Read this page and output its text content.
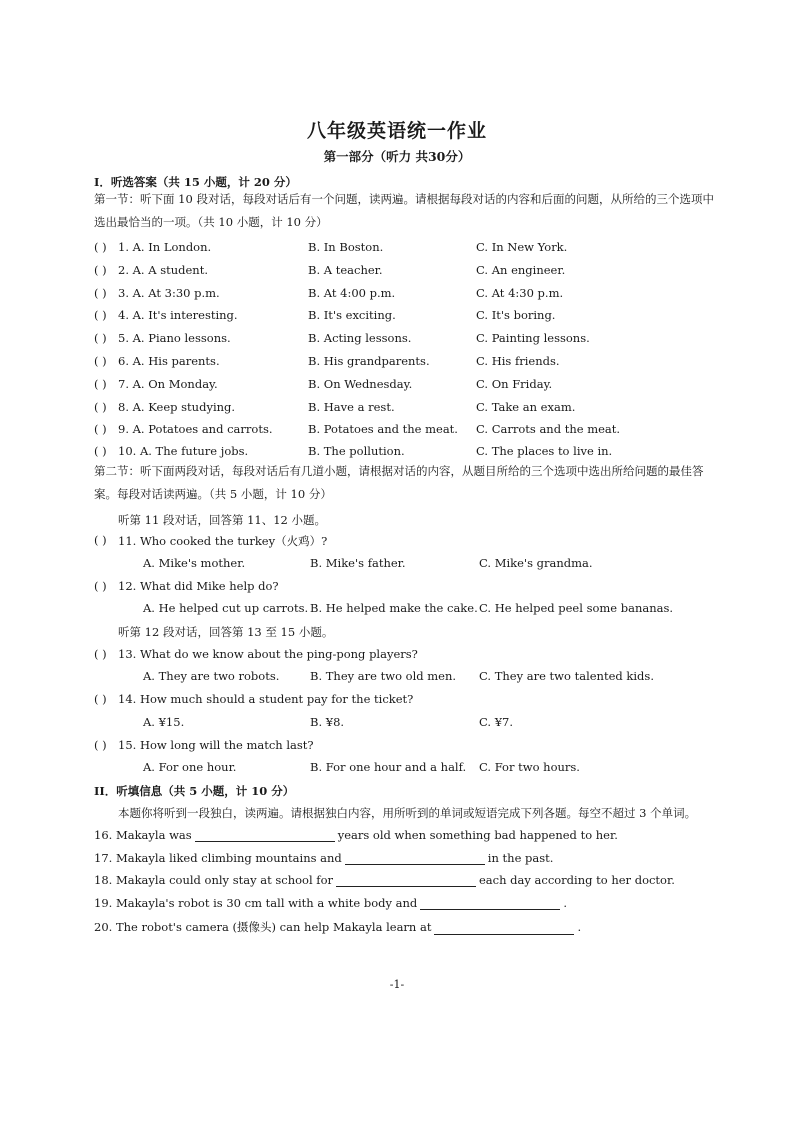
八年级英语统一作业
第一部分（听力 共30分）
I．听选答案（共 15 小题，计 20 分）
第一节：听下面 10 段对话，每段对话后有一个问题，读两遍。请根据每段对话的内容和后面的问题，从所给的三个选项中选出最恰当的一项。（共 10 小题，计 10 分）
( ) 1. A. In London.	B. In Boston.	C. In New York.
( ) 2. A. A student.	B. A teacher.	C. An engineer.
( ) 3. A. At 3:30 p.m.	B. At 4:00 p.m.	C. At 4:30 p.m.
( ) 4. A. It's interesting.	B. It's exciting.	C. It's boring.
( ) 5. A. Piano lessons.	B. Acting lessons.	C. Painting lessons.
( ) 6. A. His parents.	B. His grandparents.	C. His friends.
( ) 7. A. On Monday.	B. On Wednesday.	C. On Friday.
( ) 8. A. Keep studying.	B. Have a rest.	C. Take an exam.
( ) 9. A. Potatoes and carrots.	B. Potatoes and the meat. C. Carrots and the meat.
( ) 10. A. The future jobs.	B. The pollution.	C. The places to live in.
第二节：听下面两段对话，每段对话后有几道小题，请根据对话的内容，从题目所给的三个选项中选出所给问题的最佳答案。每段对话读两遍。（共 5 小题，计 10 分）
听第 11 段对话，回答第 11、12 小题。
( ) 11. Who cooked the turkey（火鸡）?
A. Mike's mother.	B. Mike's father.	C. Mike's grandma.
( ) 12. What did Mike help do?
A. He helped cut up carrots. B. He helped make the cake. C. He helped peel some bananas.
听第 12 段对话，回答第 13 至 15 小题。
( ) 13. What do we know about the ping-pong players?
A. They are two robots.	B. They are two old men. C. They are two talented kids.
( ) 14. How much should a student pay for the ticket?
A. ¥15.	B. ¥8.	C. ¥7.
( ) 15. How long will the match last?
A. For one hour.	B. For one hour and a half. C. For two hours.
II．听填信息（共 5 小题，计 10 分）
本题你将听到一段独白，读两遍。请根据独白内容，用所听到的单词或短语完成下列各题。每空不超过 3 个单词。
16. Makayla was	years old when something bad happened to her.
17. Makayla liked climbing mountains and	in the past.
18. Makayla could only stay at school for	each day according to her doctor.
19. Makayla's robot is 30 cm tall with a white body and	.
20. The robot's camera (摄像头) can help Makayla learn at	.
-1-
